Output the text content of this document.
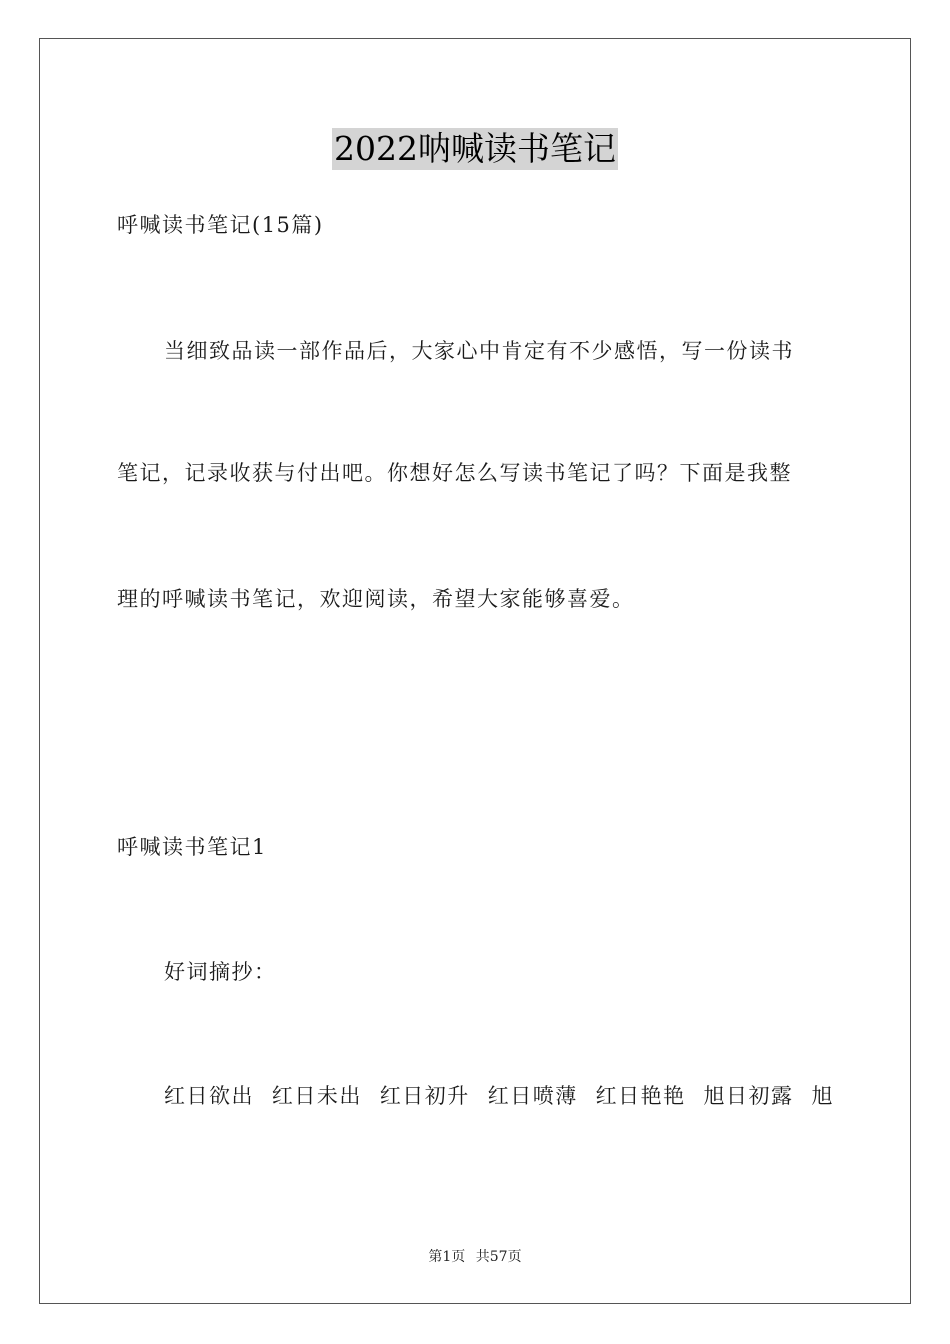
2022呐喊读书笔记
呼喊读书笔记(15篇)
当细致品读一部作品后，大家心中肯定有不少感悟，写一份读书
笔记，记录收获与付出吧。你想好怎么写读书笔记了吗？下面是我整
理的呼喊读书笔记，欢迎阅读，希望大家能够喜爱。
呼喊读书笔记1
好词摘抄：
红日欲出 红日未出 红日初升 红日喷薄 红日艳艳 旭日初露 旭
第1页 共57页
